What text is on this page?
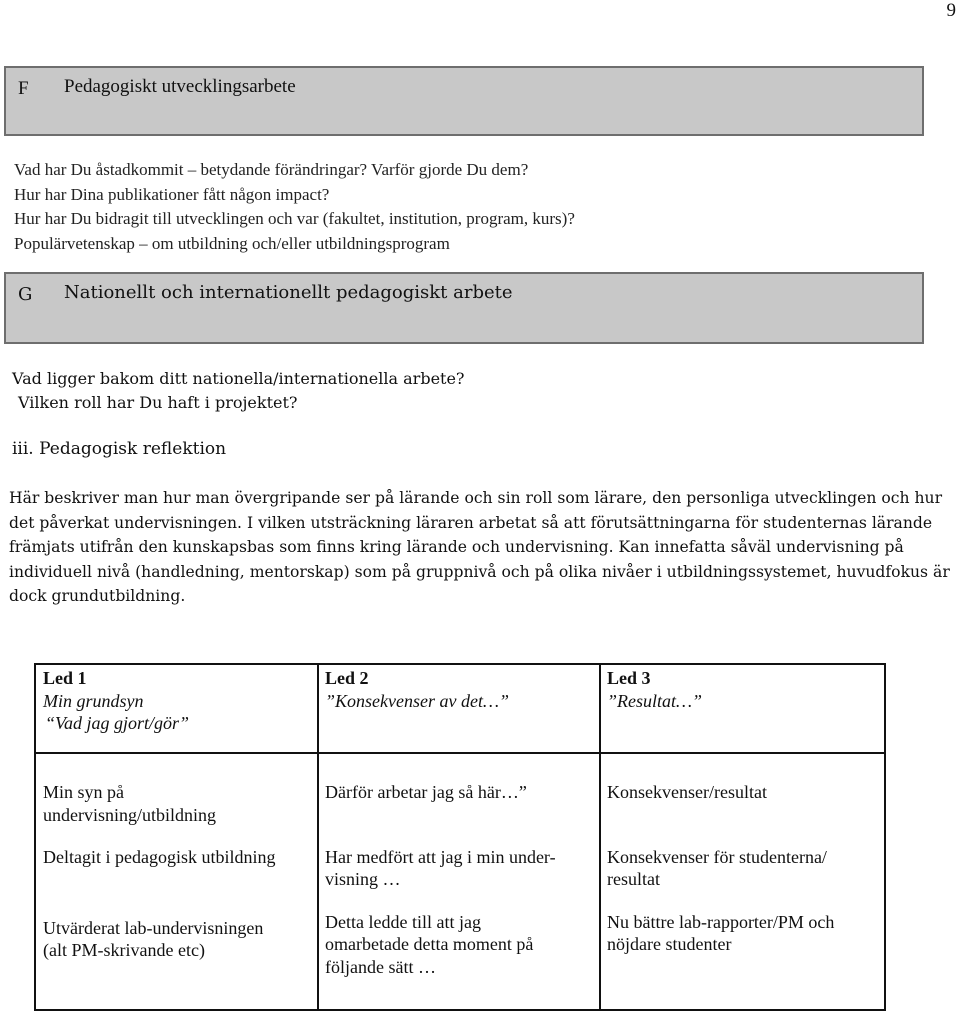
9
F Pedagogiskt utvecklingsarbete
Vad har Du åstadkommit – betydande förändringar? Varför gjorde Du dem?
Hur har Dina publikationer fått någon impact?
Hur har Du bidragit till utvecklingen och var (fakultet, institution, program, kurs)?
Populärvetenskap – om utbildning och/eller utbildningsprogram
G Nationellt och internationellt pedagogiskt arbete
Vad ligger bakom ditt nationella/internationella arbete?
Vilken roll har Du haft i projektet?
iii. Pedagogisk reflektion
Här beskriver man hur man övergripande ser på lärande och sin roll som lärare, den personliga utvecklingen och hur det påverkat undervisningen. I vilken utsträckning läraren arbetat så att förutsättningarna för studenternas lärande främjats utifrån den kunskapsbas som finns kring lärande och undervisning. Kan innefatta såväl undervisning på individuell nivå (handledning, mentorskap) som på gruppnivå och på olika nivåer i utbildningssystemet, huvudfokus är dock grundutbildning.
Led 1
Min grundsyn
“Vad jag gjort/gör”
Led 2
”Konsekvenser av det…”
Led 3
”Resultat…”
Min syn på
undervisning/utbildning
Deltagit i pedagogisk utbildning
Utvärderat lab-undervisningen
(alt PM-skrivande etc)
Därför arbetar jag så här…”
Har medfört att jag i min under-
visning …
Detta ledde till att jag
omarbetade detta moment på
följande sätt …
Konsekvenser/resultat
Konsekvenser för studenterna/
resultat
Nu bättre lab-rapporter/PM och
nöjdare studenter
